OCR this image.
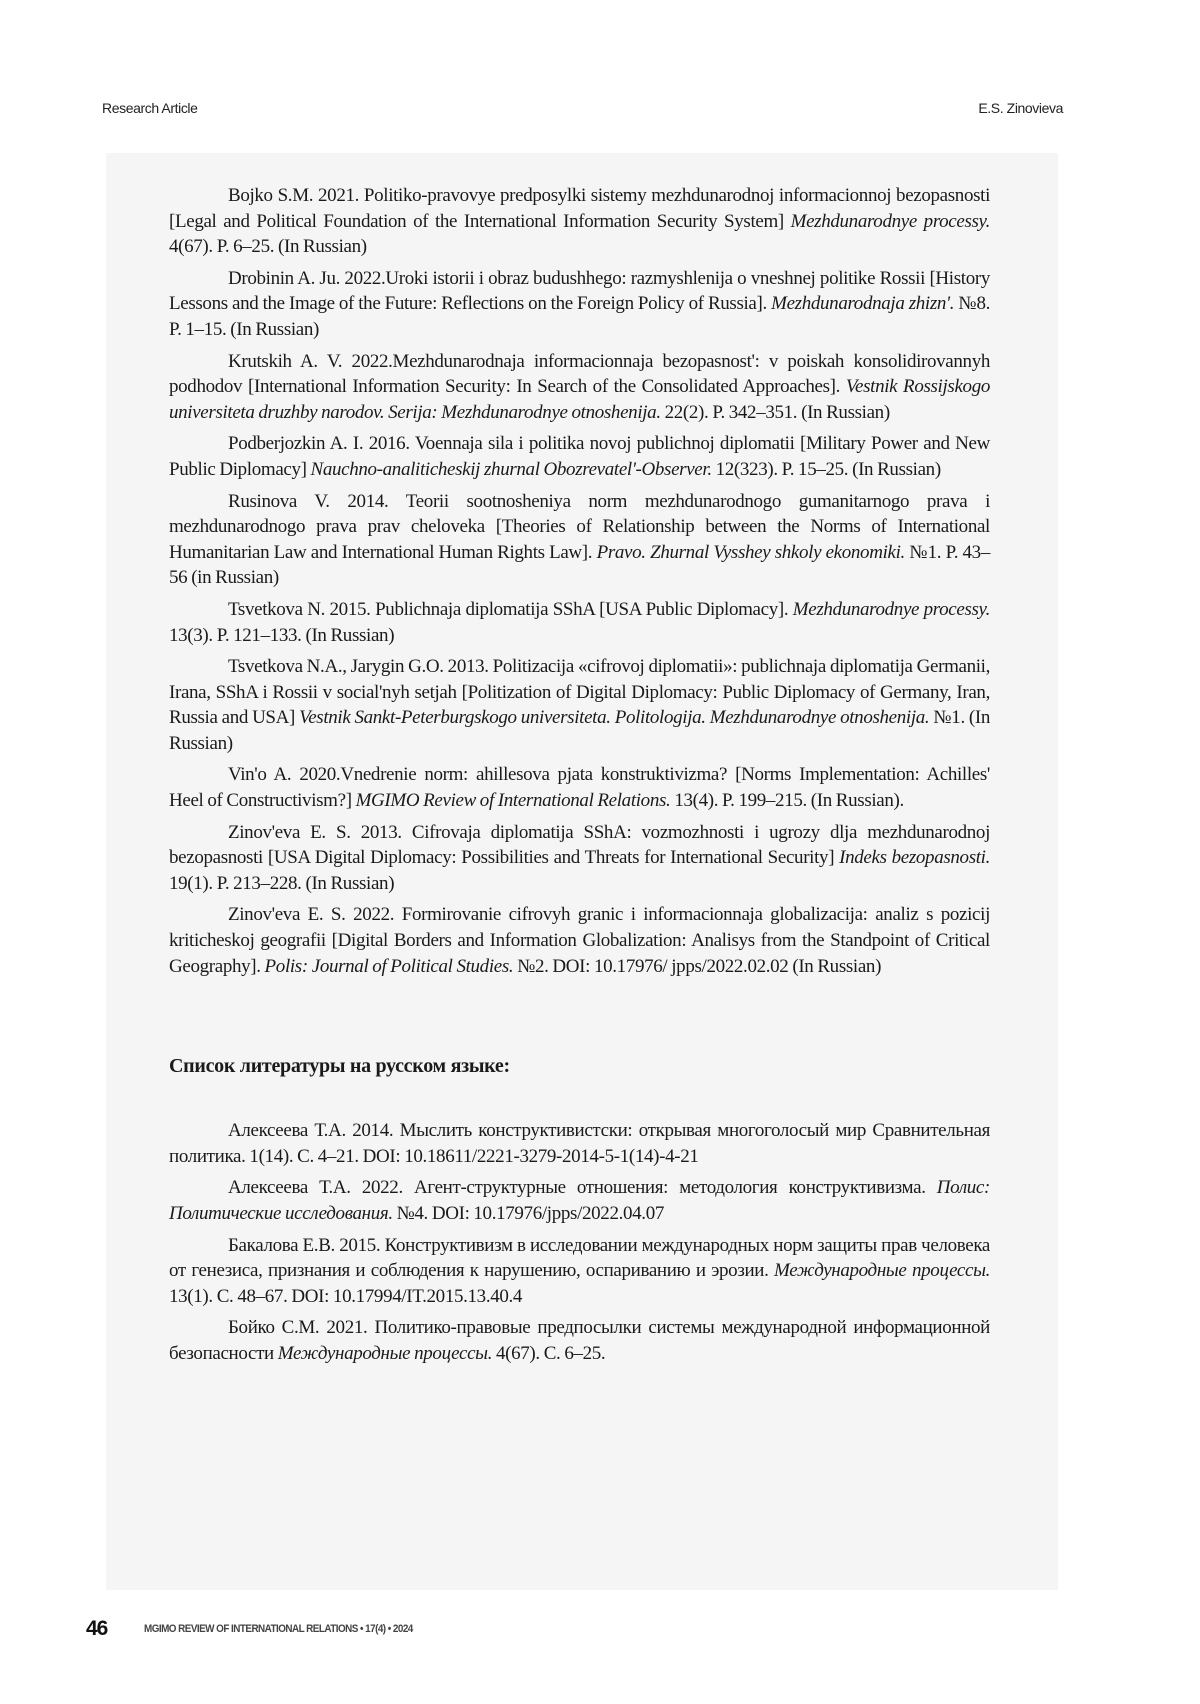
Research Article	E.S. Zinovieva

Bojko S.M. 2021. Politiko-pravovye predposylki sistemy mezhdunarodnoj informacionnoj bezopasnosti [Legal and Political Foundation of the International Information Security System] Mezhdunarodnye processy. 4(67). P. 6–25. (In Russian)

Drobinin A. Ju. 2022.Uroki istorii i obraz budushhego: razmyshlenija o vneshnej politike Rossii [History Lessons and the Image of the Future: Reflections on the Foreign Policy of Rus­sia]. Mezhdunarodnaja zhizn'. №8. P. 1–15. (In Russian)

Krutskih A. V. 2022.Mezhdunarodnaja informacionnaja bezopasnost': v poiskah konso­lidirovannyh podhodov [International Information Security: In Search of the Consolidated Ap­proaches]. Vestnik Rossijskogo universiteta druzhby narodov. Serija: Mezhdunarodnye otnosheni­ja. 22(2). P. 342–351. (In Russian)

Podberjozkin A. I. 2016. Voennaja sila i politika novoj publichnoj diplomatii [Military Power and New Public Diplomacy] Nauchno-analiticheskij zhurnal Obozrevatel'-Observ­er. 12(323). P. 15–25. (In Russian)

Rusinova V. 2014. Teorii sootnosheniya norm mezhdunarodnogo gumanitarnogo prava i mezhdunarodnogo prava prav cheloveka [Theories of Relationship between the Norms of In­ternational Humanitarian Law and International Human Rights Law]. Pravo. Zhurnal Vysshey shkoly ekonomiki. №1. P. 43–56 (in Russian)

Tsvetkova N. 2015. Publichnaja diplomatija SShA [USA Public Diplomacy]. Mezhdun­arodnye processy. 13(3). P. 121–133. (In Russian)

Tsvetkova N.A., Jarygin G.O. 2013. Politizacija «cifrovoj diplomatii»: publichnaja diplo­matija Germanii, Irana, SShA i Rossii v social'nyh setjah [Politization of Digital Diplomacy: Public Diplomacy of Germany, Iran, Russia and USA] Vestnik Sankt-Peterburgskogo universite­ta. Politologija. Mezhdunarodnye otnoshenija. №1. (In Russian)

Vin'o A. 2020.Vnedrenie norm: ahillesova pjata konstruktivizma? [Norms Implemen­tation: Achilles' Heel of Constructivism?] MGIMO Review of International Relations. 13(4). P. 199–215. (In Russian).

Zinov'eva E. S. 2013. Cifrovaja diplomatija SShA: vozmozhnosti i ugrozy dlja mezhdun­arodnoj bezopasnosti [USA Digital Diplomacy: Possibilities and Threats for International Secu­rity] Indeks bezopasnosti. 19(1). P. 213–228. (In Russian)

Zinov'eva E. S. 2022. Formirovanie cifrovyh granic i informacionnaja globalizacija: analiz s pozicij kriticheskoj geografii [Digital Borders and Information Globalization: Analisys from the Standpoint of Critical Geography]. Polis: Journal of Political Studies. №2. DOI: 10.17976/ jpps/2022.02.02 (In Russian)

Список литературы на русском языке:

Алексеева Т.А. 2014. Мыслить конструктивистски: открывая многоголосый мир Сравнительная политика. 1(14). С. 4–21. DOI: 10.18611/2221-3279-2014-5-1(14)-4-21

Алексеева Т.А. 2022. Агент-структурные отношения: методология конструктивиз­ма. Полис: Политические исследования. №4. DOI: 10.17976/jpps/2022.04.07

Бакалова Е.В. 2015. Конструктивизм в исследовании международных норм защиты прав человека от генезиса, признания и соблюдения к нарушению, оспариванию и эро­зии. Международные процессы. 13(1). С. 48–67. DOI: 10.17994/IT.2015.13.40.4

Бойко С.М. 2021. Политико-правовые предпосылки системы международной ин­формационной безопасности Международные процессы. 4(67). С. 6–25.

46	MGIMO REVIEW OF INTERNATIONAL RELATIONS • 17(4) • 2024
